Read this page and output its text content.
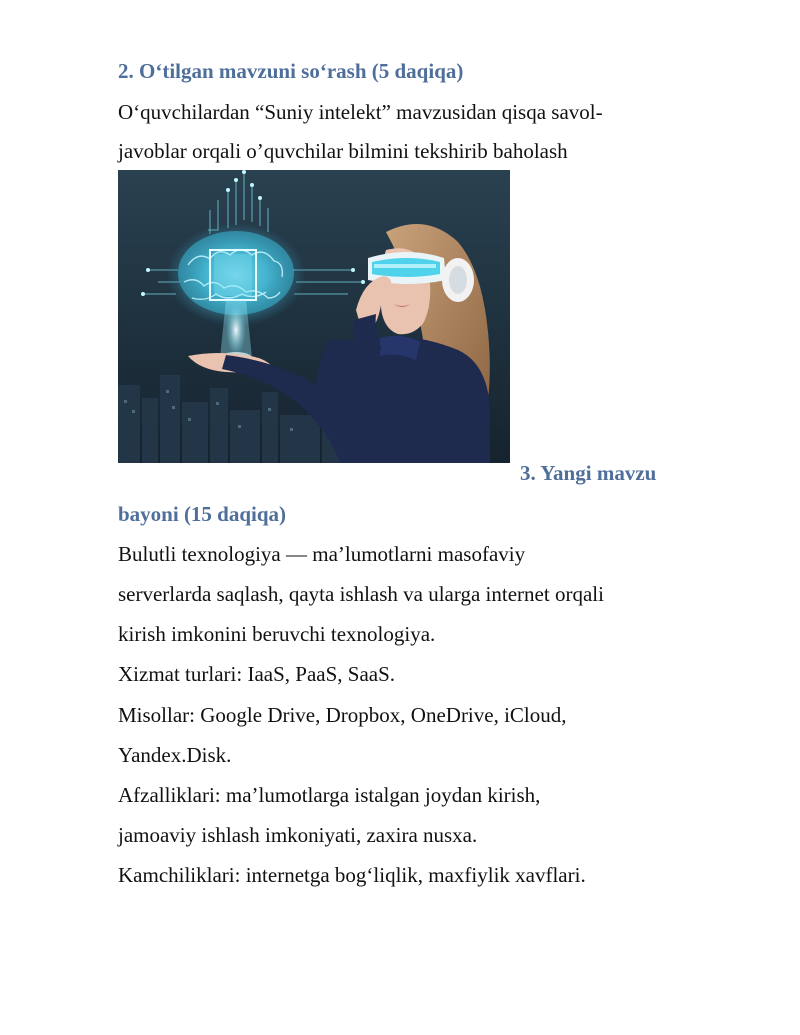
2. O‘tilgan mavzuni so‘rash (5 daqiqa)
O‘quvchilardan “Suniy intelekt” mavzusidan qisqa savol-
javoblar orqali o’quvchilar bilmini tekshirib baholash
3. Yangi mavzu
bayoni (15 daqiqa)
Bulutli texnologiya — ma’lumotlarni masofaviy
serverlarda saqlash, qayta ishlash va ularga internet orqali
kirish imkonini beruvchi texnologiya.
Xizmat turlari: IaaS, PaaS, SaaS.
Misollar: Google Drive, Dropbox, OneDrive, iCloud,
Yandex.Disk.
Afzalliklari: ma’lumotlarga istalgan joydan kirish,
jamoaviy ishlash imkoniyati, zaxira nusxa.
Kamchiliklari: internetga bog‘liqlik, maxfiylik xavflari.
